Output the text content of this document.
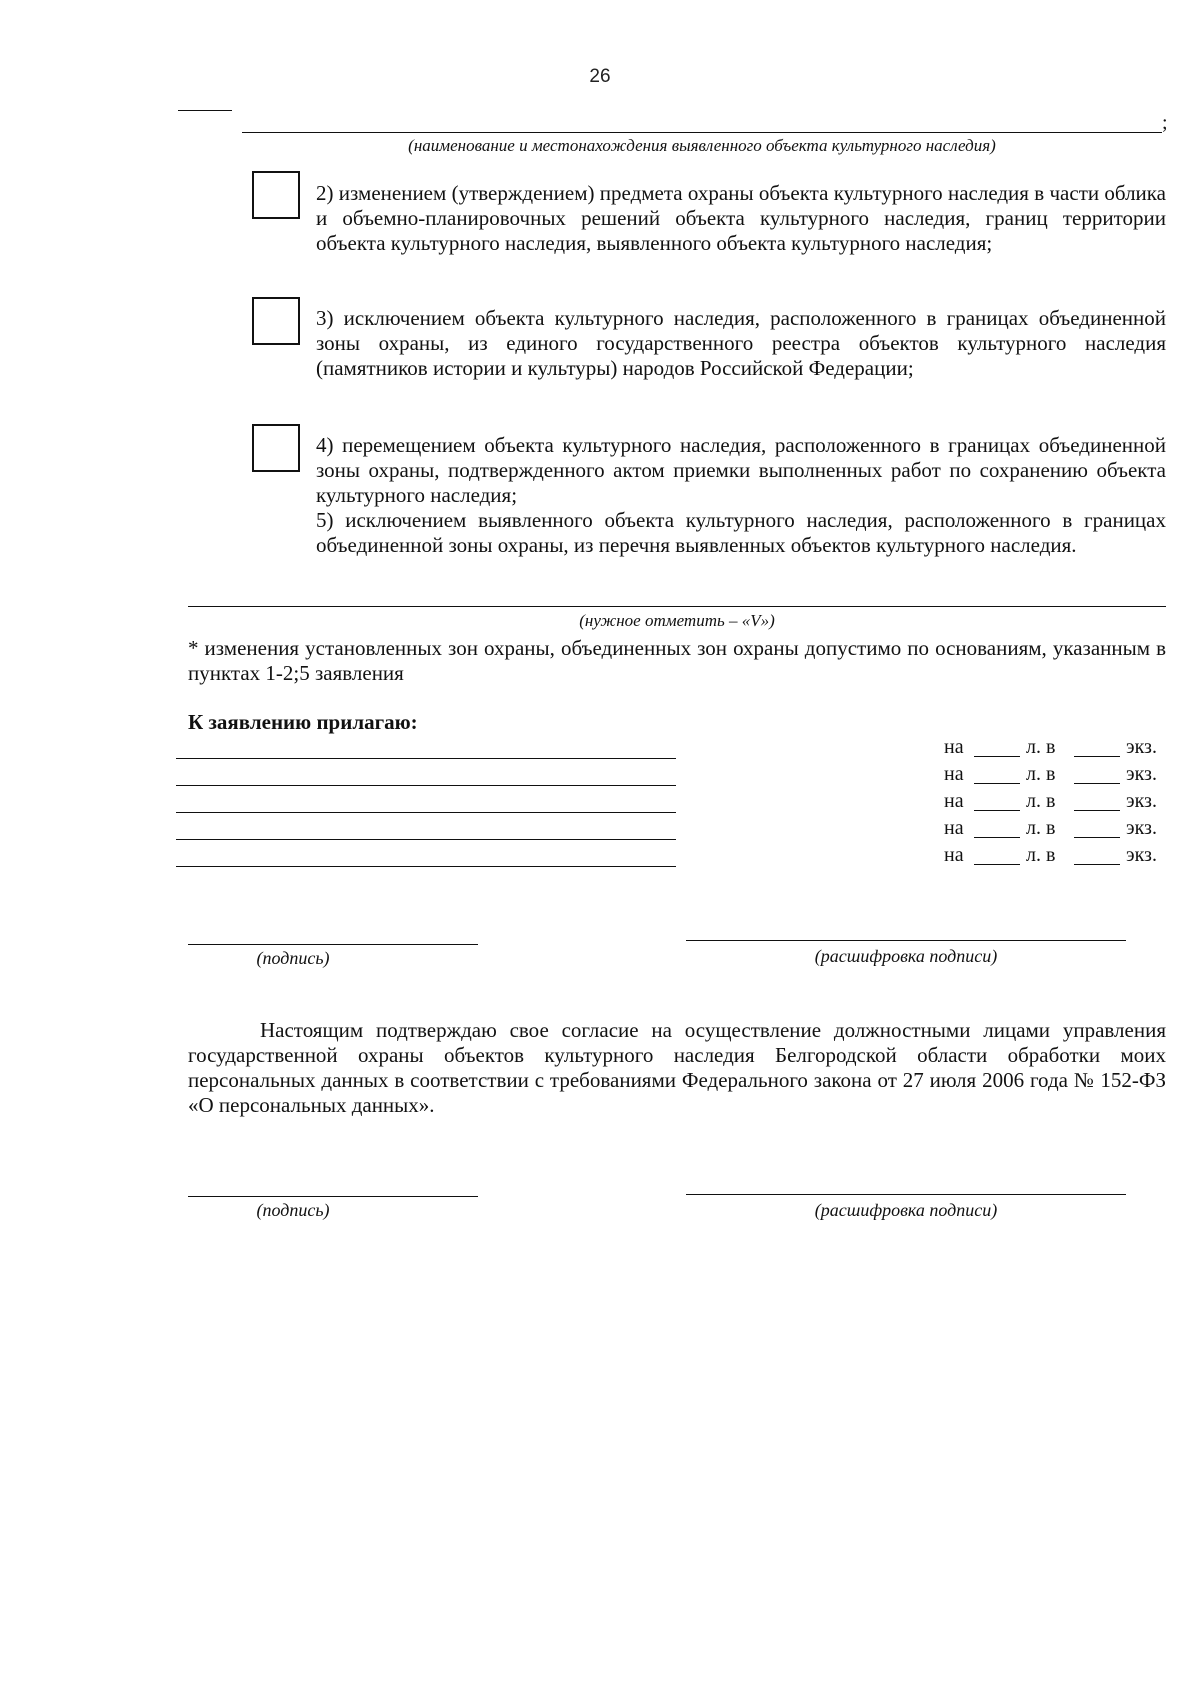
26
;
(наименование и местонахождения выявленного объекта культурного наследия)
2) изменением (утверждением) предмета охраны объекта культурного наследия в части облика и объемно-планировочных решений объекта культурного наследия, границ территории объекта культурного наследия, выявленного объекта культурного наследия;
3) исключением объекта культурного наследия, расположенного в границах объединенной зоны охраны, из единого государственного реестра объектов культурного наследия (памятников истории и культуры) народов Российской Федерации;
4) перемещением объекта культурного наследия, расположенного в границах объединенной зоны охраны, подтвержденного актом приемки выполненных работ по сохранению объекта культурного наследия;
5) исключением выявленного объекта культурного наследия, расположенного в границах объединенной зоны охраны, из перечня выявленных объектов культурного наследия.
(нужное отметить – «V»)
* изменения установленных зон охраны, объединенных зон охраны допустимо по основаниям, указанным в пунктах 1-2;5 заявления
К заявлению прилагаю:
на	л. в	экз.
на	л. в	экз.
на	л. в	экз.
на	л. в	экз.
на	л. в	экз.
(подпись)	(расшифровка подписи)
Настоящим подтверждаю свое согласие на осуществление должностными лицами управления государственной охраны объектов культурного наследия Белгородской области обработки моих персональных данных в соответствии с требованиями Федерального закона от 27 июля 2006 года № 152-ФЗ «О персональных данных».
(подпись)	(расшифровка подписи)
